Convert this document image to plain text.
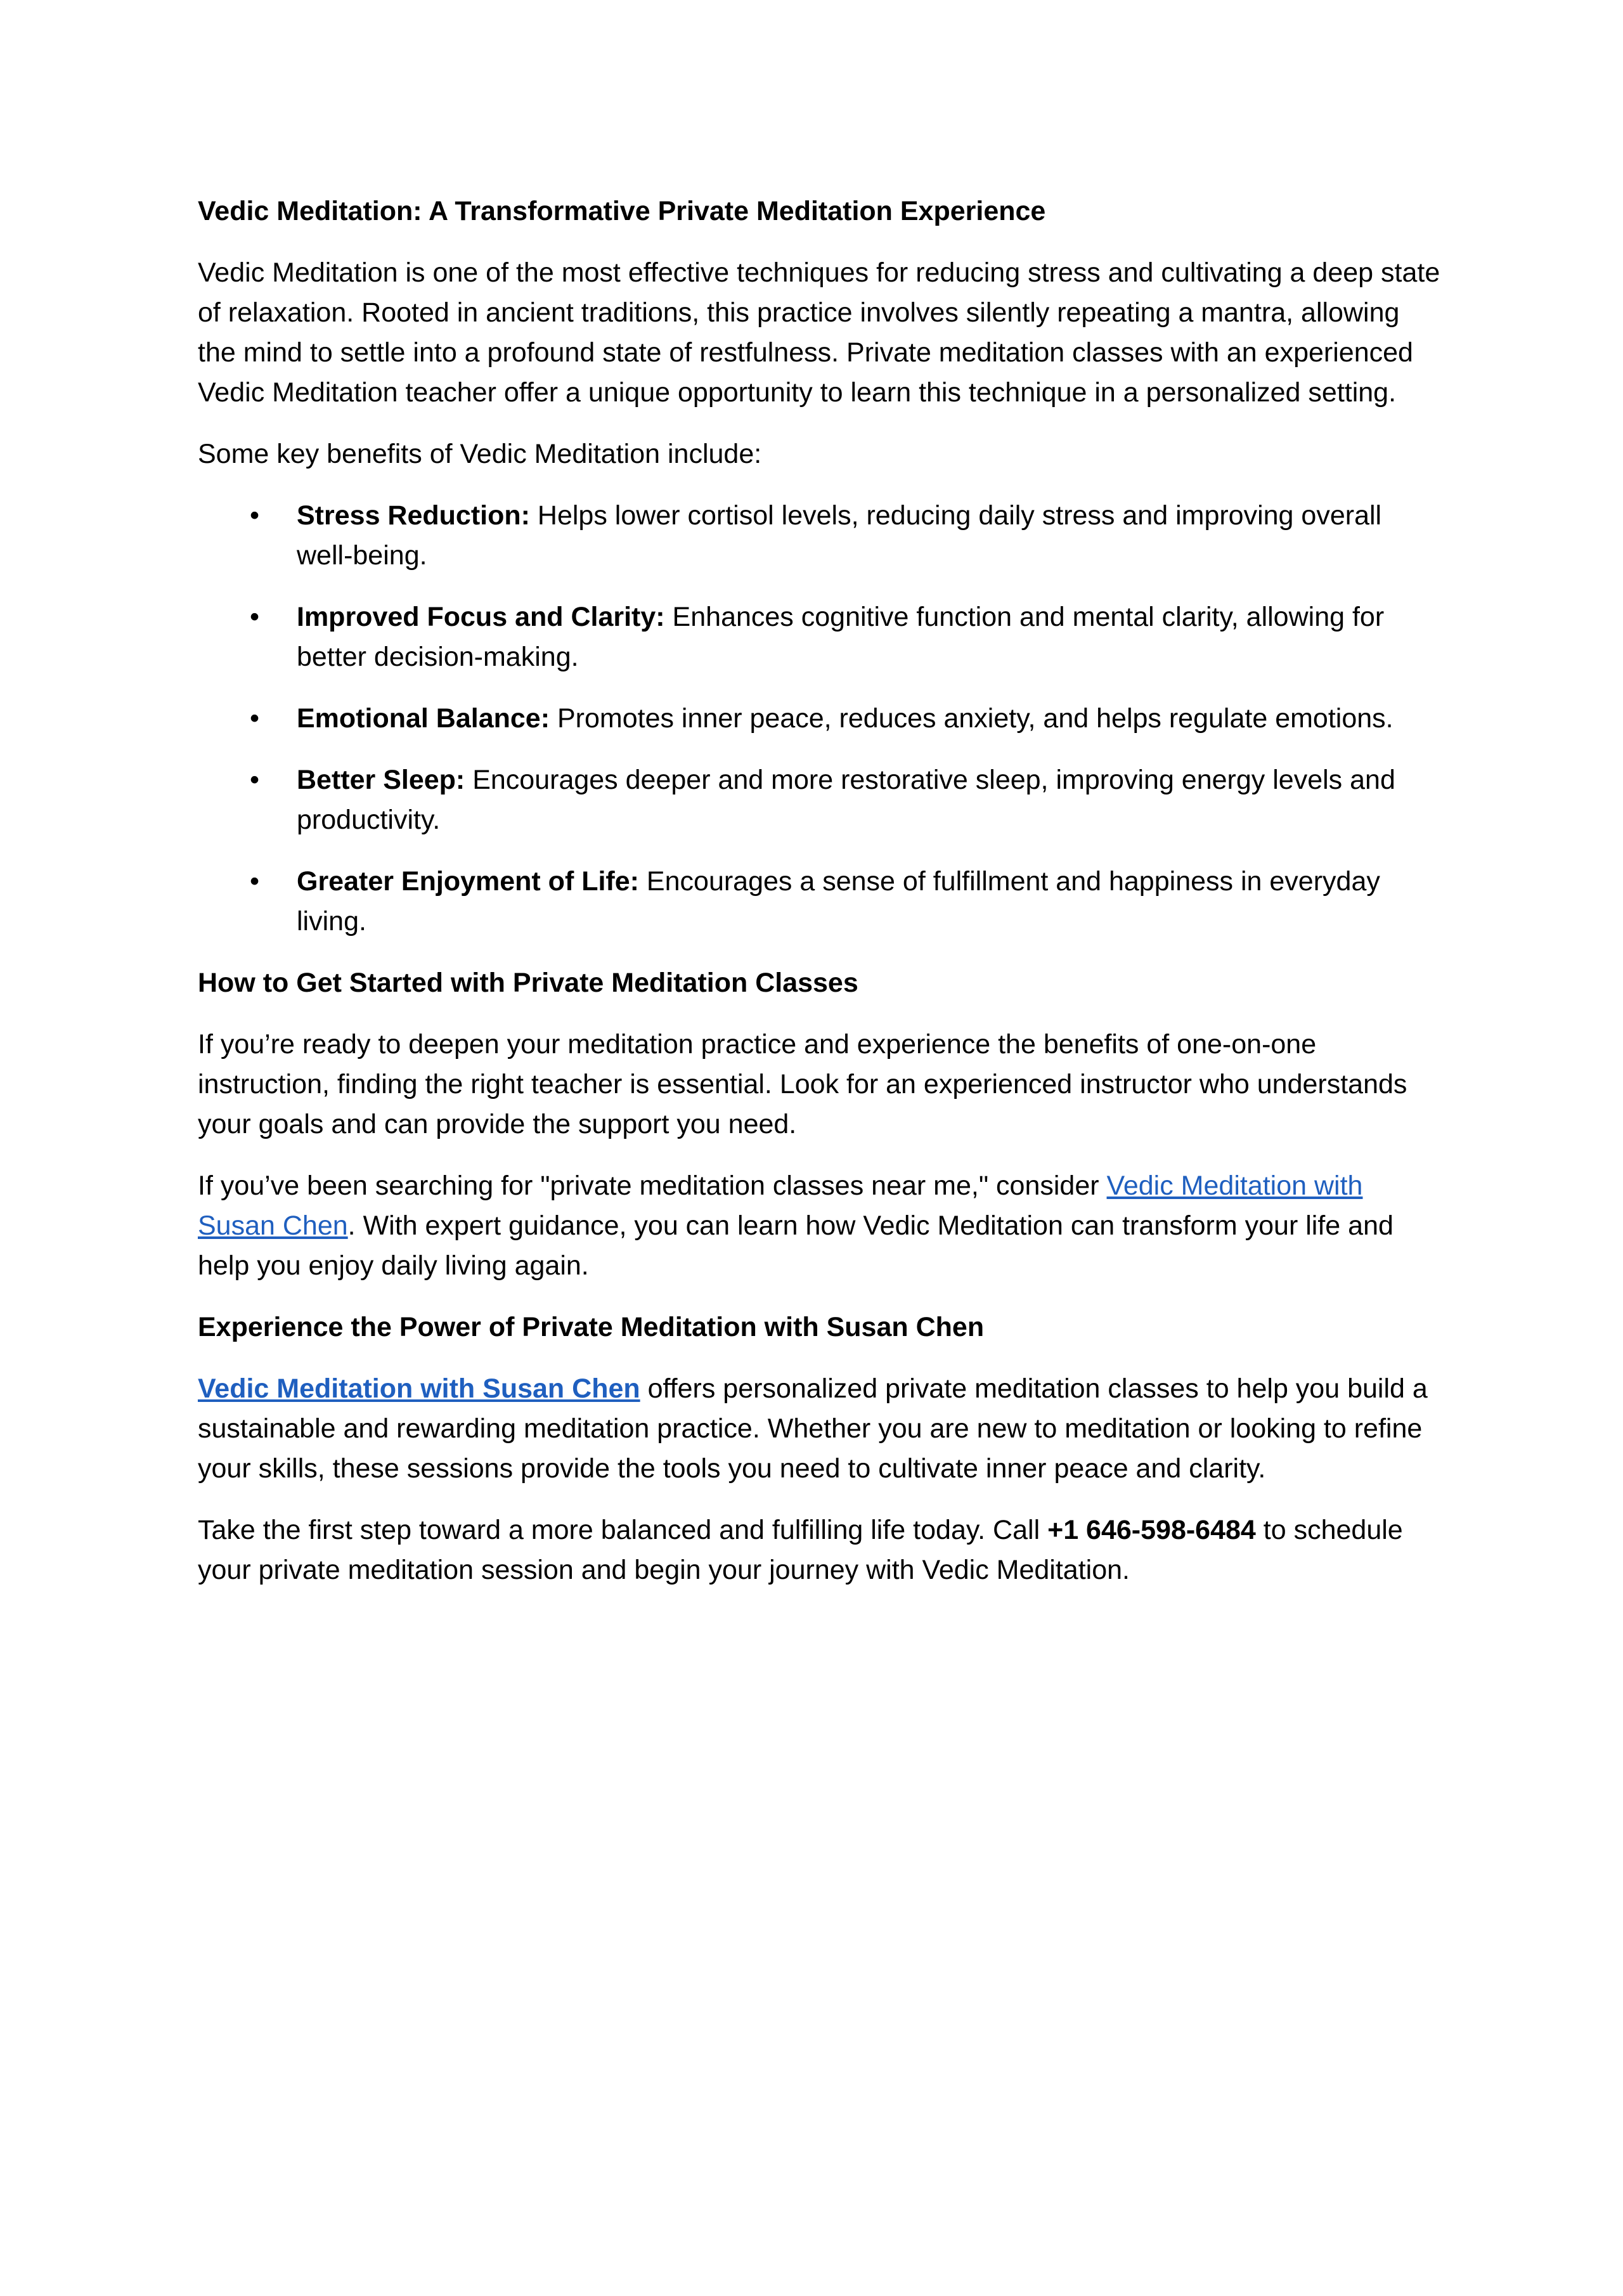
Vedic Meditation: A Transformative Private Meditation Experience
Vedic Meditation is one of the most effective techniques for reducing stress and cultivating a deep state of relaxation. Rooted in ancient traditions, this practice involves silently repeating a mantra, allowing the mind to settle into a profound state of restfulness. Private meditation classes with an experienced Vedic Meditation teacher offer a unique opportunity to learn this technique in a personalized setting.
Some key benefits of Vedic Meditation include:
• Stress Reduction: Helps lower cortisol levels, reducing daily stress and improving overall well-being.
• Improved Focus and Clarity: Enhances cognitive function and mental clarity, allowing for better decision-making.
• Emotional Balance: Promotes inner peace, reduces anxiety, and helps regulate emotions.
• Better Sleep: Encourages deeper and more restorative sleep, improving energy levels and productivity.
• Greater Enjoyment of Life: Encourages a sense of fulfillment and happiness in everyday living.
How to Get Started with Private Meditation Classes
If you’re ready to deepen your meditation practice and experience the benefits of one-on-one instruction, finding the right teacher is essential. Look for an experienced instructor who understands your goals and can provide the support you need.
If you’ve been searching for "private meditation classes near me," consider Vedic Meditation with Susan Chen. With expert guidance, you can learn how Vedic Meditation can transform your life and help you enjoy daily living again.
Experience the Power of Private Meditation with Susan Chen
Vedic Meditation with Susan Chen offers personalized private meditation classes to help you build a sustainable and rewarding meditation practice. Whether you are new to meditation or looking to refine your skills, these sessions provide the tools you need to cultivate inner peace and clarity.
Take the first step toward a more balanced and fulfilling life today. Call +1 646-598-6484 to schedule your private meditation session and begin your journey with Vedic Meditation.
